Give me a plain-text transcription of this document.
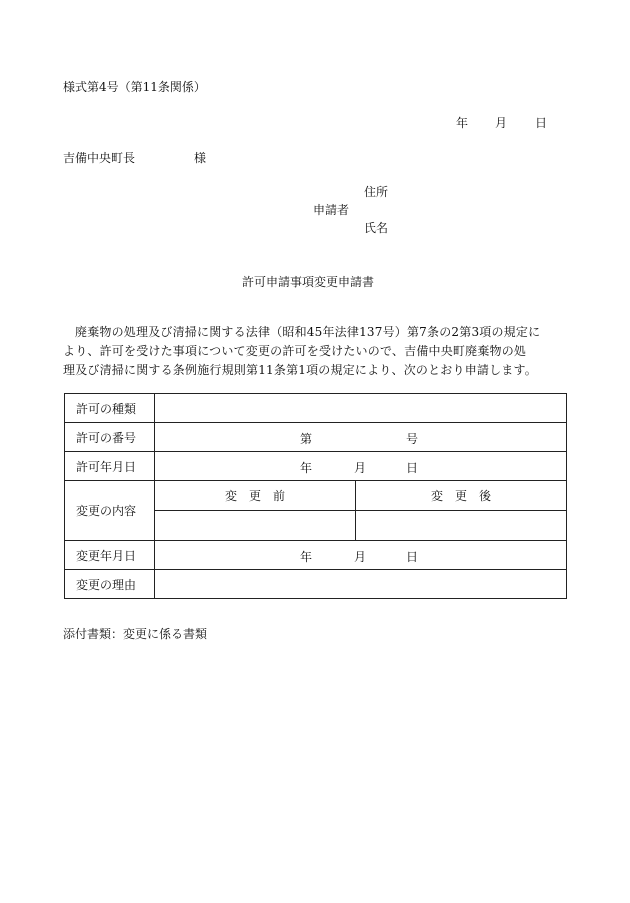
様式第4号（第11条関係）
年 月 日
吉備中央町長	様
住所
申請者
氏名
許可申請事項変更申請書
廃棄物の処理及び清掃に関する法律（昭和45年法律137号）第7条の2第3項の規定に
より、許可を受けた事項について変更の許可を受けたいので、吉備中央町廃棄物の処
理及び清掃に関する条例施行規則第11条第1項の規定により、次のとおり申請します。
許可の種類		
許可の番号	第 号	

許可年月日	年 月 日	

変更の内容	変　更　前	変　更　後

変更年月日	年 月 日	

変更の理由		
添付書類：変更に係る書類
